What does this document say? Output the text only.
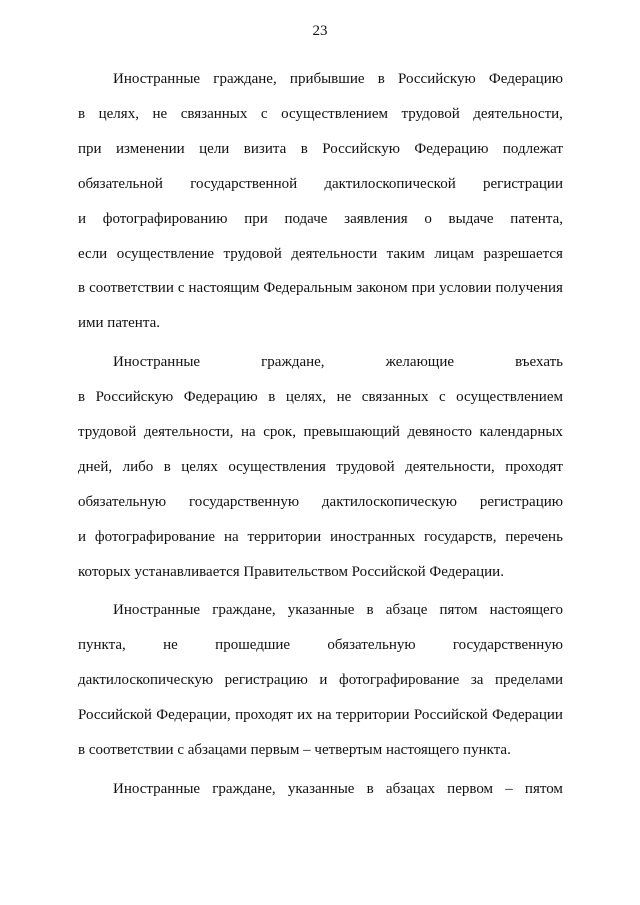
23
Иностранные граждане, прибывшие в Российскую Федерацию
в целях, не связанных с осуществлением трудовой деятельности,
при изменении цели визита в Российскую Федерацию подлежат
обязательной государственной дактилоскопической регистрации
и фотографированию при подаче заявления о выдаче патента,
если осуществление трудовой деятельности таким лицам разрешается
в соответствии с настоящим Федеральным законом при условии получения
ими патента.
Иностранные	граждане,	желающие	въехать
в Российскую Федерацию в целях, не связанных с осуществлением
трудовой деятельности, на срок, превышающий девяносто календарных
дней, либо в целях осуществления трудовой деятельности, проходят
обязательную государственную дактилоскопическую регистрацию
и фотографирование на территории иностранных государств, перечень
которых устанавливается Правительством Российской Федерации.
Иностранные граждане, указанные в абзаце пятом настоящего
пункта, не прошедшие обязательную государственную
дактилоскопическую регистрацию и фотографирование за пределами
Российской Федерации, проходят их на территории Российской Федерации
в соответствии с абзацами первым – четвертым настоящего пункта.
Иностранные граждане, указанные в абзацах первом – пятом
